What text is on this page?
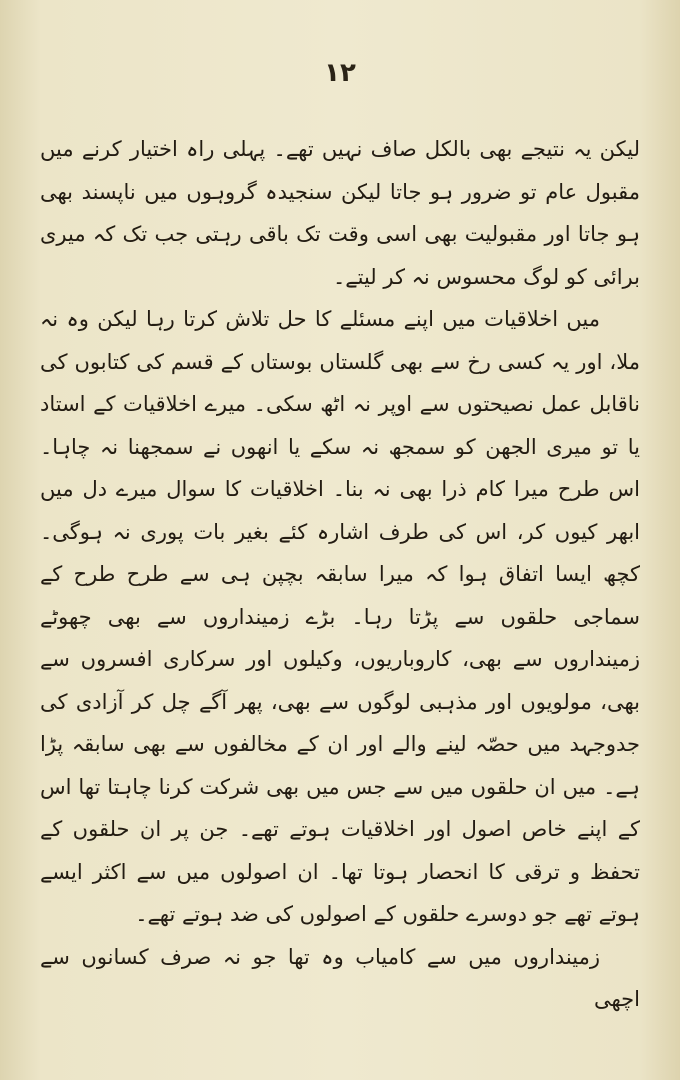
۱۲

لیکن یہ نتیجے بھی بالکل صاف نہیں تھے۔ پہلی راہ اختیار کرنے میں مقبول عام تو ضرور ہو جاتا لیکن سنجیدہ گروہوں میں ناپسند بھی ہو جاتا اور مقبولیت بھی اسی وقت تک باقی رہتی جب تک کہ میری برائی کو لوگ محسوس نہ کر لیتے۔

میں اخلاقیات میں اپنے مسئلے کا حل تلاش کرتا رہا لیکن وہ نہ ملا، اور یہ کسی رخ سے بھی گلستاں بوستاں کے قسم کی کتابوں کی ناقابل عمل نصیحتوں سے اوپر نہ اٹھ سکی۔ میرے اخلاقیات کے استاد یا تو میری الجھن کو سمجھ نہ سکے یا انھوں نے سمجھنا نہ چاہا۔ اس طرح میرا کام ذرا بھی نہ بنا۔ اخلاقیات کا سوال میرے دل میں ابھر کیوں کر، اس کی طرف اشارہ کئے بغیر بات پوری نہ ہوگی۔ کچھ ایسا اتفاق ہوا کہ میرا سابقہ بچپن ہی سے طرح طرح کے سماجی حلقوں سے پڑتا رہا۔ بڑے زمینداروں سے بھی چھوٹے زمینداروں سے بھی، کاروباریوں، وکیلوں اور سرکاری افسروں سے بھی، مولویوں اور مذہبی لوگوں سے بھی، پھر آگے چل کر آزادی کی جدوجہد میں حصّہ لینے والے اور ان کے مخالفوں سے بھی سابقہ پڑا ہے۔ میں ان حلقوں میں سے جس میں بھی شرکت کرنا چاہتا تھا اس کے اپنے خاص اصول اور اخلاقیات ہوتے تھے۔ جن پر ان حلقوں کے تحفظ و ترقی کا انحصار ہوتا تھا۔ ان اصولوں میں سے اکثر ایسے ہوتے تھے جو دوسرے حلقوں کے اصولوں کی ضد ہوتے تھے۔

زمینداروں میں سے کامیاب وہ تھا جو نہ صرف کسانوں سے اچھی
